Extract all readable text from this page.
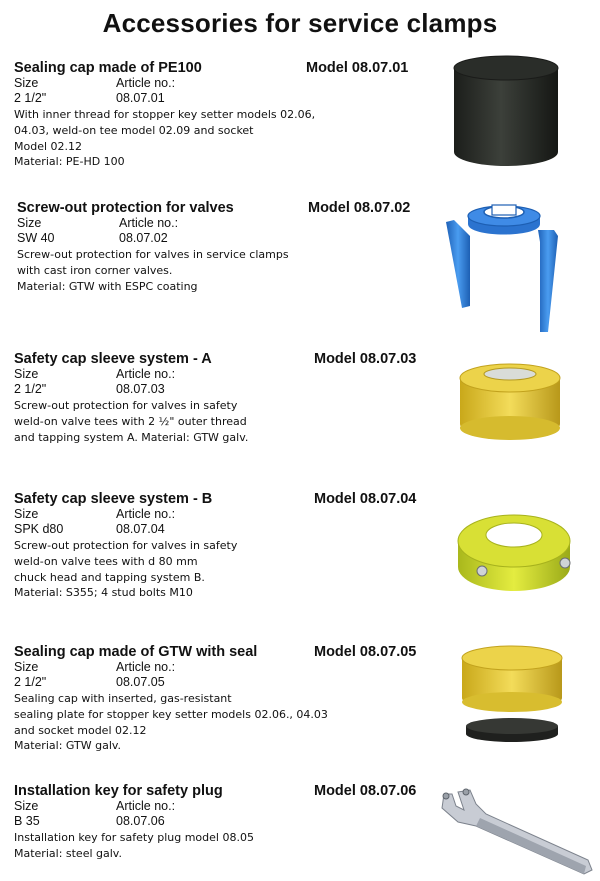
Accessories for service clamps
Sealing cap made of PE100	Model 08.07.01
Size	Article no.:
2 1/2"	08.07.01
With inner thread for stopper key setter models 02.06,
04.03, weld-on tee model 02.09 and socket
Model 02.12
Material: PE-HD 100
Screw-out protection for valves	Model 08.07.02
Size	Article no.:
SW 40	08.07.02
Screw-out protection for valves in service clamps
with cast iron corner valves.
Material: GTW with ESPC coating
Safety cap sleeve system - A	Model 08.07.03
Size	Article no.:
2 1/2"	08.07.03
Screw-out protection for valves in safety
weld-on valve tees with 2 ½" outer thread
and tapping system A. Material: GTW galv.
Safety cap sleeve system - B	Model 08.07.04
Size	Article no.:
SPK d80	08.07.04
Screw-out protection for valves in safety
weld-on valve tees with d 80 mm
chuck head and tapping system B.
Material: S355; 4 stud bolts M10
Sealing cap made of GTW with seal	Model 08.07.05
Size	Article no.:
2 1/2"	08.07.05
Sealing cap with inserted, gas-resistant
sealing plate for stopper key setter models 02.06., 04.03
and socket model 02.12
Material: GTW galv.
Installation key for safety plug	Model 08.07.06
Size	Article no.:
B 35	08.07.06
Installation key for safety plug model 08.05
Material: steel galv.
